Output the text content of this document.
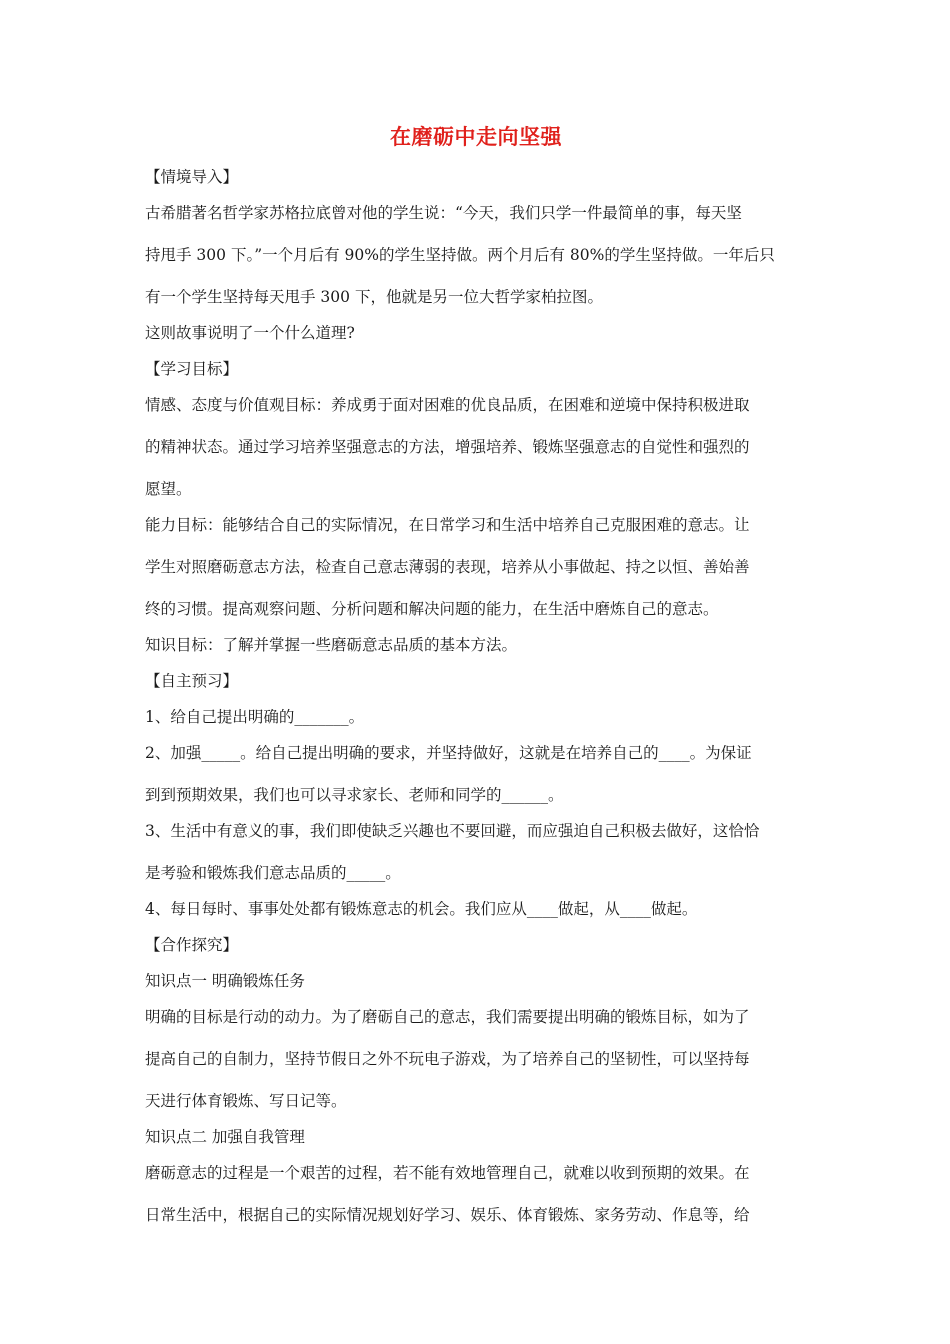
在磨砺中走向坚强
【情境导入】
古希腊著名哲学家苏格拉底曾对他的学生说：“今天，我们只学一件最简单的事，每天坚
持甩手 300 下。”一个月后有 90%的学生坚持做。两个月后有 80%的学生坚持做。一年后只
有一个学生坚持每天甩手 300 下，他就是另一位大哲学家柏拉图。
这则故事说明了一个什么道理?
【学习目标】
情感、态度与价值观目标：养成勇于面对困难的优良品质，在困难和逆境中保持积极进取
的精神状态。通过学习培养坚强意志的方法，增强培养、锻炼坚强意志的自觉性和强烈的
愿望。
能力目标：能够结合自己的实际情况，在日常学习和生活中培养自己克服困难的意志。让
学生对照磨砺意志方法，检查自己意志薄弱的表现，培养从小事做起、持之以恒、善始善
终的习惯。提高观察问题、分析问题和解决问题的能力，在生活中磨炼自己的意志。
知识目标：了解并掌握一些磨砺意志品质的基本方法。
【自主预习】
1、给自己提出明确的_______。
2、加强_____。给自己提出明确的要求，并坚持做好，这就是在培养自己的____。为保证
到到预期效果，我们也可以寻求家长、老师和同学的______。
3、生活中有意义的事，我们即使缺乏兴趣也不要回避，而应强迫自己积极去做好，这恰恰
是考验和锻炼我们意志品质的_____。
4、每日每时、事事处处都有锻炼意志的机会。我们应从____做起，从____做起。
【合作探究】
知识点一 明确锻炼任务
明确的目标是行动的动力。为了磨砺自己的意志，我们需要提出明确的锻炼目标，如为了
提高自己的自制力，坚持节假日之外不玩电子游戏，为了培养自己的坚韧性，可以坚持每
天进行体育锻炼、写日记等。
知识点二 加强自我管理
磨砺意志的过程是一个艰苦的过程，若不能有效地管理自己，就难以收到预期的效果。在
日常生活中，根据自己的实际情况规划好学习、娱乐、体育锻炼、家务劳动、作息等，给
